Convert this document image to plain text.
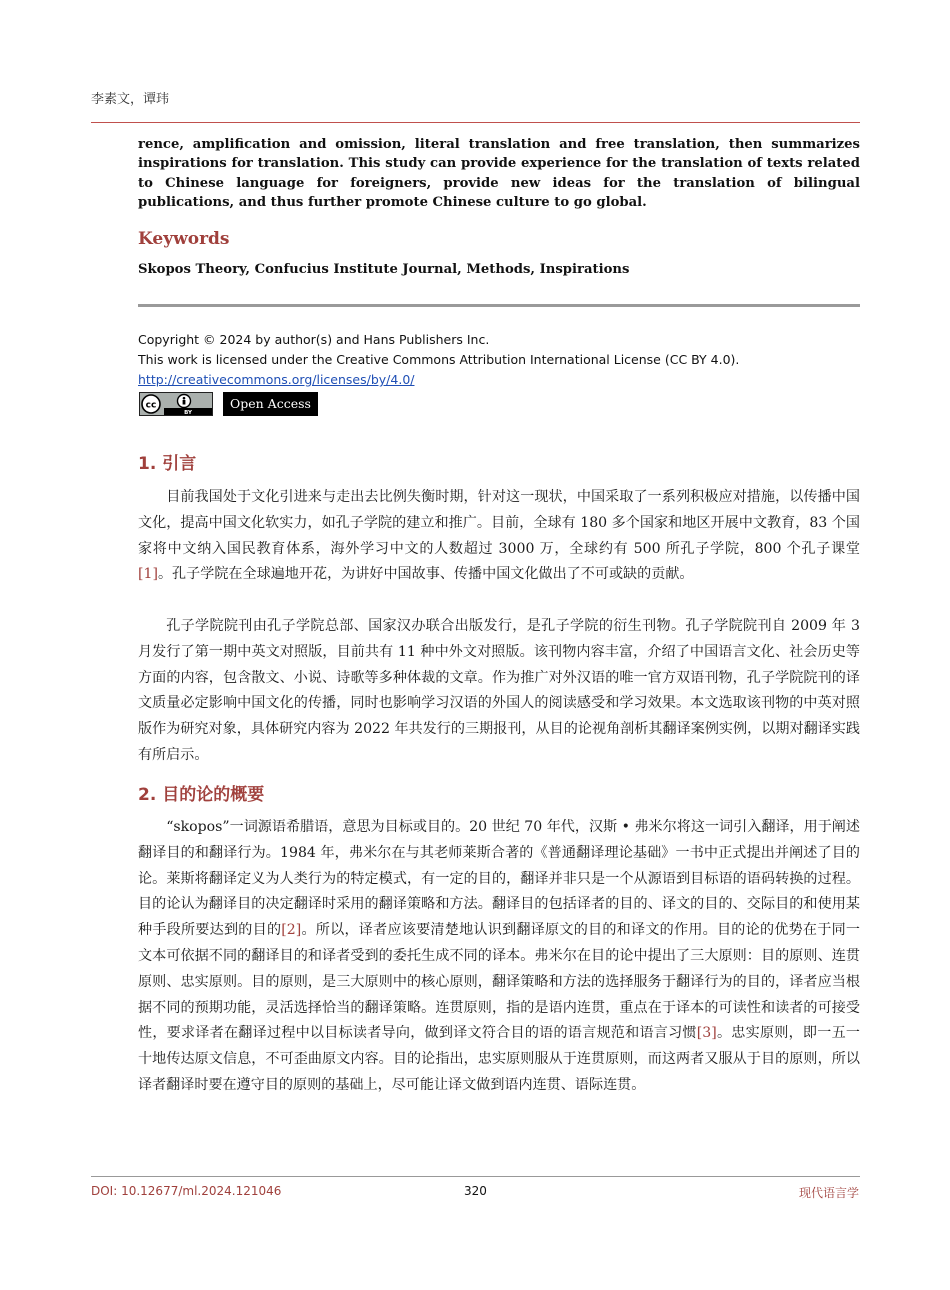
李素文，谭玮
rence, amplification and omission, literal translation and free translation, then summarizes inspirations for translation. This study can provide experience for the translation of texts related to Chinese language for foreigners, provide new ideas for the translation of bilingual publications, and thus further promote Chinese culture to go global.
Keywords
Skopos Theory, Confucius Institute Journal, Methods, Inspirations
Copyright © 2024 by author(s) and Hans Publishers Inc.
This work is licensed under the Creative Commons Attribution International License (CC BY 4.0).
http://creativecommons.org/licenses/by/4.0/
cc
BY
Open Access
1. 引言

目前我国处于文化引进来与走出去比例失衡时期，针对这一现状，中国采取了一系列积极应对措施，以传播中国文化，提高中国文化软实力，如孔子学院的建立和推广。目前，全球有 180 多个国家和地区开展中文教育，83 个国家将中文纳入国民教育体系，海外学习中文的人数超过 3000 万，全球约有 500 所孔子学院，800 个孔子课堂[1]。孔子学院在全球遍地开花，为讲好中国故事、传播中国文化做出了不可或缺的贡献。

孔子学院院刊由孔子学院总部、国家汉办联合出版发行，是孔子学院的衍生刊物。孔子学院院刊自 2009 年 3 月发行了第一期中英文对照版，目前共有 11 种中外文对照版。该刊物内容丰富，介绍了中国语言文化、社会历史等方面的内容，包含散文、小说、诗歌等多种体裁的文章。作为推广对外汉语的唯一官方双语刊物，孔子学院院刊的译文质量必定影响中国文化的传播，同时也影响学习汉语的外国人的阅读感受和学习效果。本文选取该刊物的中英对照版作为研究对象，具体研究内容为 2022 年共发行的三期报刊，从目的论视角剖析其翻译案例实例，以期对翻译实践有所启示。

2. 目的论的概要

“skopos”一词源语希腊语，意思为目标或目的。20 世纪 70 年代，汉斯 • 弗米尔将这一词引入翻译，用于阐述翻译目的和翻译行为。1984 年，弗米尔在与其老师莱斯合著的《普通翻译理论基础》一书中正式提出并阐述了目的论。莱斯将翻译定义为人类行为的特定模式，有一定的目的，翻译并非只是一个从源语到目标语的语码转换的过程。目的论认为翻译目的决定翻译时采用的翻译策略和方法。翻译目的包括译者的目的、译文的目的、交际目的和使用某种手段所要达到的目的[2]。所以，译者应该要清楚地认识到翻译原文的目的和译文的作用。目的论的优势在于同一文本可依据不同的翻译目的和译者受到的委托生成不同的译本。弗米尔在目的论中提出了三大原则：目的原则、连贯原则、忠实原则。目的原则，是三大原则中的核心原则，翻译策略和方法的选择服务于翻译行为的目的，译者应当根据不同的预期功能，灵活选择恰当的翻译策略。连贯原则，指的是语内连贯，重点在于译本的可读性和读者的可接受性，要求译者在翻译过程中以目标读者导向，做到译文符合目的语的语言规范和语言习惯[3]。忠实原则，即一五一十地传达原文信息，不可歪曲原文内容。目的论指出，忠实原则服从于连贯原则，而这两者又服从于目的原则，所以译者翻译时要在遵守目的原则的基础上，尽可能让译文做到语内连贯、语际连贯。

DOI: 10.12677/ml.2024.121046	320	现代语言学
